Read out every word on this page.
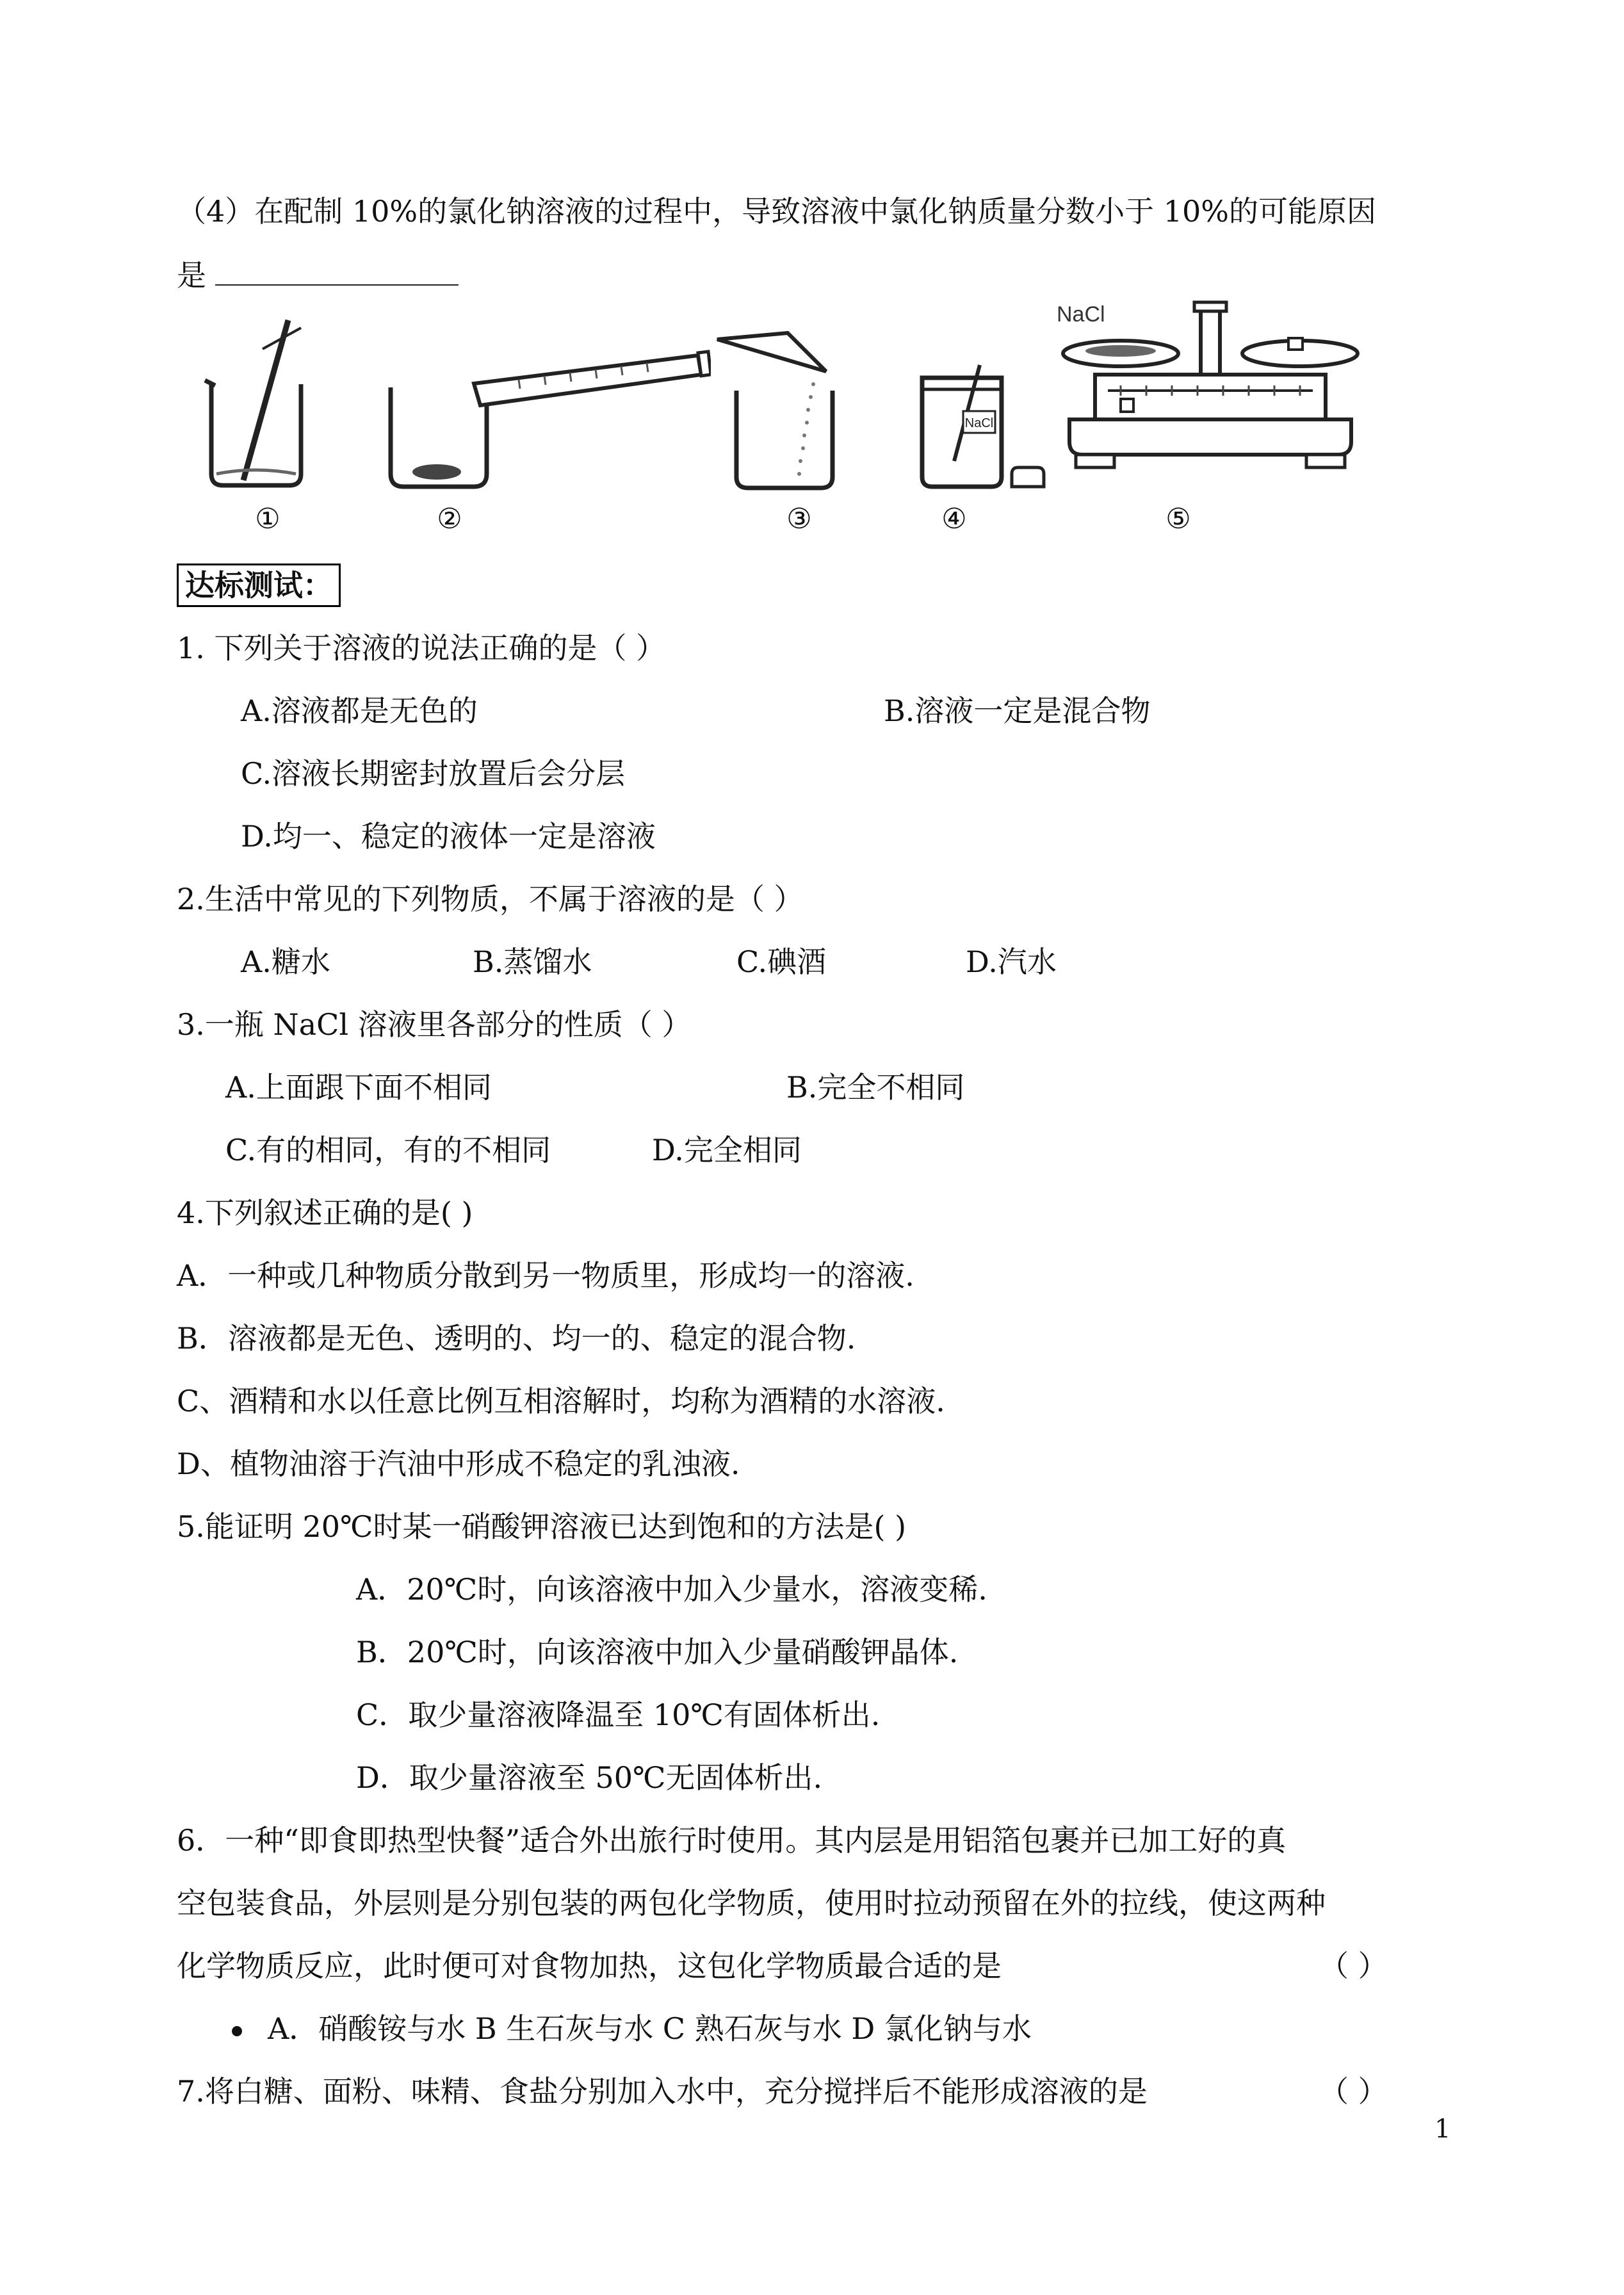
（4）在配制 10%的氯化钠溶液的过程中，导致溶液中氯化钠质量分数小于 10%的可能原因
是
①	②	③
NaCl
④
NaCl
⑤
达标测试：
1. 下列关于溶液的说法正确的是（ ）
A.溶液都是无色的	B.溶液一定是混合物
C.溶液长期密封放置后会分层
D.均一、稳定的液体一定是溶液
2.生活中常见的下列物质，不属于溶液的是（ ）
A.糖水	B.蒸馏水	C.碘酒	D.汽水
3.一瓶 NaCl 溶液里各部分的性质（ ）
A.上面跟下面不相同	B.完全不相同
C.有的相同，有的不相同	D.完全相同
4.下列叙述正确的是( )
A．一种或几种物质分散到另一物质里，形成均一的溶液.
B．溶液都是无色、透明的、均一的、稳定的混合物.
C、酒精和水以任意比例互相溶解时，均称为酒精的水溶液.
D、植物油溶于汽油中形成不稳定的乳浊液.
5.能证明 20℃时某一硝酸钾溶液已达到饱和的方法是( )
A．20℃时，向该溶液中加入少量水，溶液变稀.
B．20℃时，向该溶液中加入少量硝酸钾晶体.
C．取少量溶液降温至 10℃有固体析出.
D．取少量溶液至 50℃无固体析出.
6．一种“即食即热型快餐”适合外出旅行时使用。其内层是用铝箔包裹并已加工好的真
空包装食品，外层则是分别包装的两包化学物质，使用时拉动预留在外的拉线，使这两种
化学物质反应，此时便可对食物加热，这包化学物质最合适的是	（ ）
A．硝酸铵与水 B 生石灰与水 C 熟石灰与水 D 氯化钠与水
7.将白糖、面粉、味精、食盐分别加入水中，充分搅拌后不能形成溶液的是	（ ）
1
